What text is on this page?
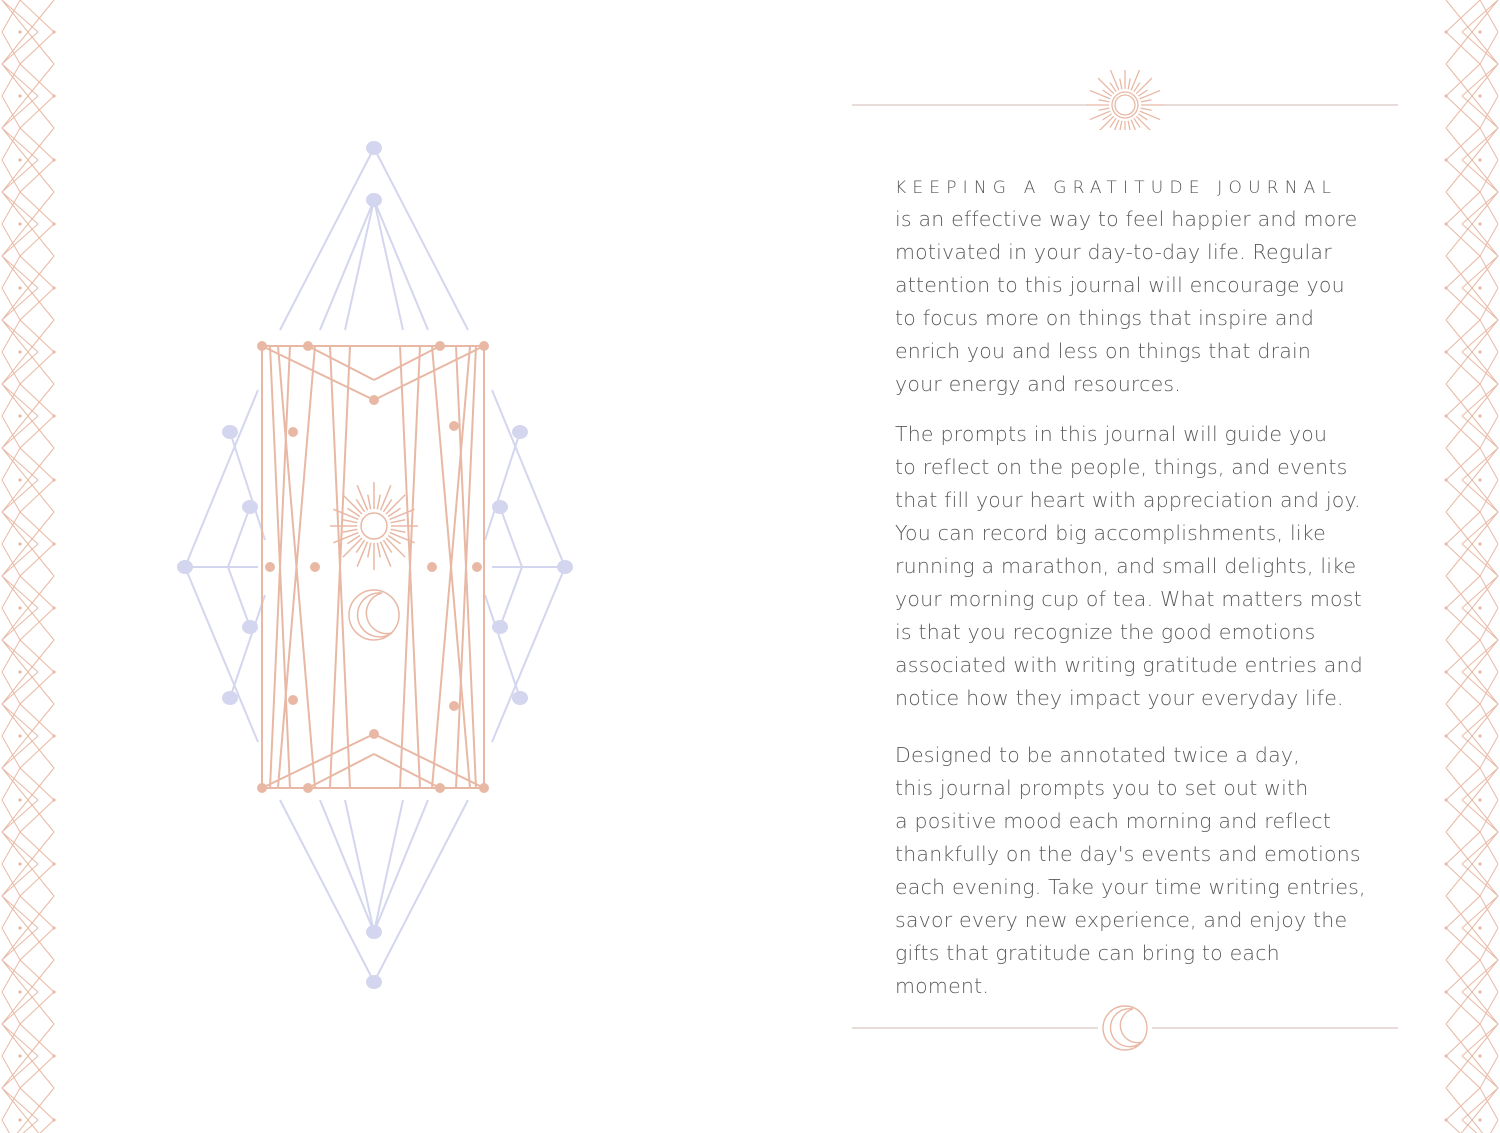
KEEPING A GRATITUDE JOURNAL

is an effective way to feel happier and more
motivated in your day-to-day life. Regular
attention to this journal will encourage you
to focus more on things that inspire and
enrich you and less on things that drain
your energy and resources.

The prompts in this journal will guide you
to reflect on the people, things, and events
that fill your heart with appreciation and joy.
You can record big accomplishments, like
running a marathon, and small delights, like
your morning cup of tea. What matters most
is that you recognize the good emotions
associated with writing gratitude entries and
notice how they impact your everyday life.

Designed to be annotated twice a day,
this journal prompts you to set out with
a positive mood each morning and reflect
thankfully on the day's events and emotions
each evening. Take your time writing entries,
savor every new experience, and enjoy the
gifts that gratitude can bring to each moment.
